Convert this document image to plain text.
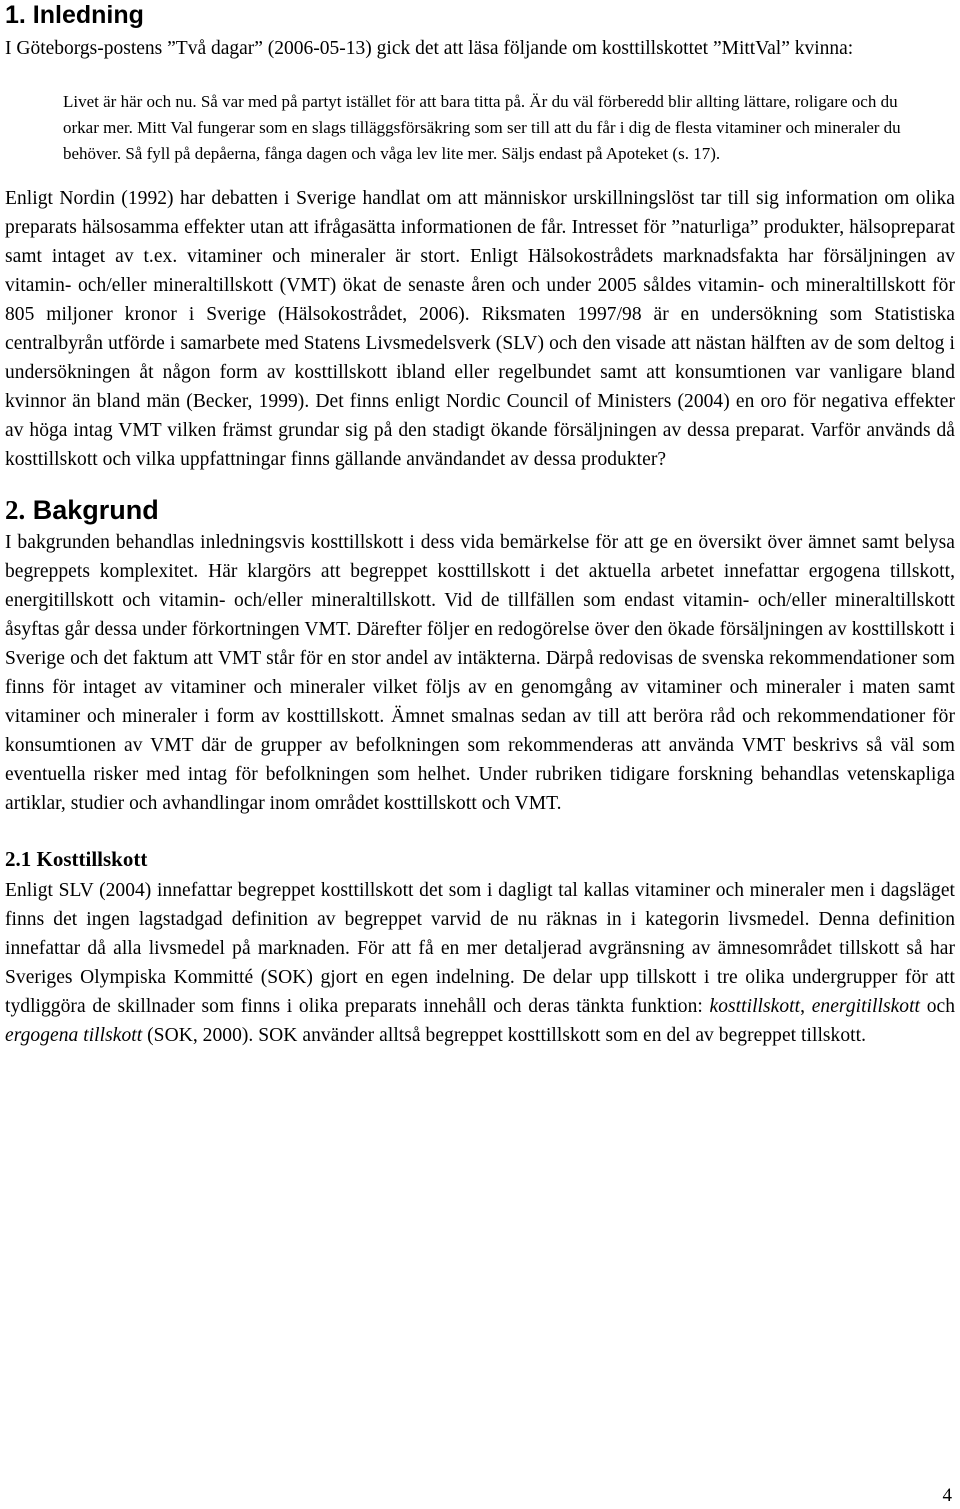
1. Inledning

I Göteborgs-postens ”Två dagar” (2006-05-13) gick det att läsa följande om kosttillskottet ”MittVal” kvinna:

Livet är här och nu. Så var med på partyt istället för att bara titta på. Är du väl förberedd blir allting lättare, roligare och du orkar mer. Mitt Val fungerar som en slags tilläggsförsäkring som ser till att du får i dig de flesta vitaminer och mineraler du behöver. Så fyll på depåerna, fånga dagen och våga lev lite mer. Säljs endast på Apoteket (s. 17).

Enligt Nordin (1992) har debatten i Sverige handlat om att människor urskillningslöst tar till sig information om olika preparats hälsosamma effekter utan att ifrågasätta informationen de får. Intresset för ”naturliga” produkter, hälsopreparat samt intaget av t.ex. vitaminer och mineraler är stort. Enligt Hälsokostrådets marknadsfakta har försäljningen av vitamin- och/eller mineraltillskott (VMT) ökat de senaste åren och under 2005 såldes vitamin- och mineraltillskott för 805 miljoner kronor i Sverige (Hälsokostrådet, 2006). Riksmaten 1997/98 är en undersökning som Statistiska centralbyrån utförde i samarbete med Statens Livsmedelsverk (SLV) och den visade att nästan hälften av de som deltog i undersökningen åt någon form av kosttillskott ibland eller regelbundet samt att konsumtionen var vanligare bland kvinnor än bland män (Becker, 1999). Det finns enligt Nordic Council of Ministers (2004) en oro för negativa effekter av höga intag VMT vilken främst grundar sig på den stadigt ökande försäljningen av dessa preparat. Varför används då kosttillskott och vilka uppfattningar finns gällande användandet av dessa produkter?

2. Bakgrund

I bakgrunden behandlas inledningsvis kosttillskott i dess vida bemärkelse för att ge en översikt över ämnet samt belysa begreppets komplexitet. Här klargörs att begreppet kosttillskott i det aktuella arbetet innefattar ergogena tillskott, energitillskott och vitamin- och/eller mineraltillskott. Vid de tillfällen som endast vitamin- och/eller mineraltillskott åsyftas går dessa under förkortningen VMT. Därefter följer en redogörelse över den ökade försäljningen av kosttillskott i Sverige och det faktum att VMT står för en stor andel av intäkterna. Därpå redovisas de svenska rekommendationer som finns för intaget av vitaminer och mineraler vilket följs av en genomgång av vitaminer och mineraler i maten samt vitaminer och mineraler i form av kosttillskott. Ämnet smalnas sedan av till att beröra råd och rekommendationer för konsumtionen av VMT där de grupper av befolkningen som rekommenderas att använda VMT beskrivs så väl som eventuella risker med intag för befolkningen som helhet. Under rubriken tidigare forskning behandlas vetenskapliga artiklar, studier och avhandlingar inom området kosttillskott och VMT.

2.1 Kosttillskott

Enligt SLV (2004) innefattar begreppet kosttillskott det som i dagligt tal kallas vitaminer och mineraler men i dagsläget finns det ingen lagstadgad definition av begreppet varvid de nu räknas in i kategorin livsmedel. Denna definition innefattar då alla livsmedel på marknaden. För att få en mer detaljerad avgränsning av ämnesområdet tillskott så har Sveriges Olympiska Kommitté (SOK) gjort en egen indelning. De delar upp tillskott i tre olika undergrupper för att tydliggöra de skillnader som finns i olika preparats innehåll och deras tänkta funktion: kosttillskott, energitillskott och ergogena tillskott (SOK, 2000). SOK använder alltså begreppet kosttillskott som en del av begreppet tillskott.

4
